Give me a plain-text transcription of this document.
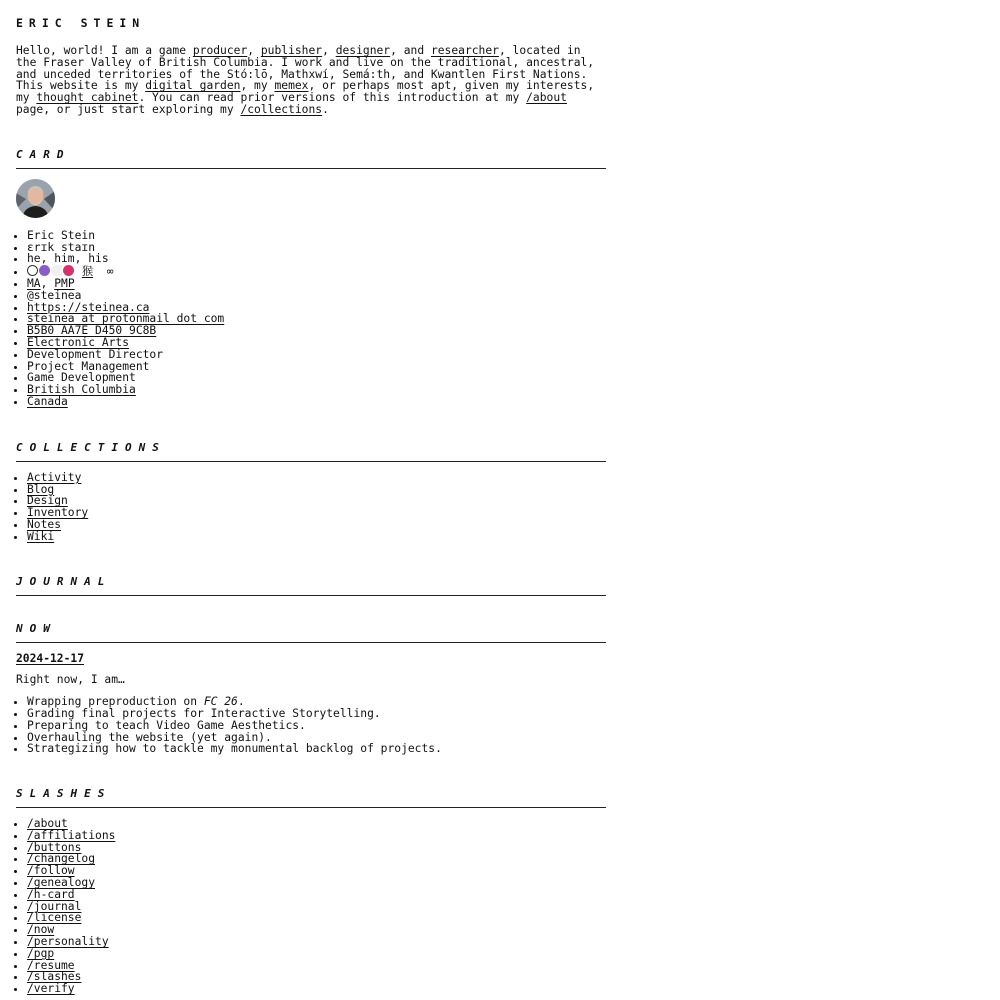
ERIC STEIN

Hello, world! I am a game producer, publisher, designer, and researcher, located in the Fraser Valley of British Columbia. I work and live on the traditional, ancestral, and unceded territories of the Stó:lō, Mathxwí, Semá:th, and Kwantlen First Nations. This website is my digital garden, my memex, or perhaps most apt, given my interests, my thought cabinet. You can read prior versions of this introduction at my /about page, or just start exploring my /collections.

CARD
• Eric Stein
• ɛrɪk staɪn
• he, him, his
• 猴 ∞
• MA, PMP
• @steinea
• https://steinea.ca
• steinea at protonmail dot com
• B5B0 AA7E D450 9C8B
• Electronic Arts
• Development Director
• Project Management
• Game Development
• British Columbia
• Canada
COLLECTIONS
• Activity
• Blog
• Design
• Inventory
• Notes
• Wiki
JOURNAL
NOW
2024-12-17

Right now, I am…

• Wrapping preproduction on FC 26.
• Grading final projects for Interactive Storytelling.
• Preparing to teach Video Game Aesthetics.
• Overhauling the website (yet again).
• Strategizing how to tackle my monumental backlog of projects.
SLASHES
• /about
• /affiliations
• /buttons
• /changelog
• /follow
• /genealogy
• /h-card
• /journal
• /license
• /now
• /personality
• /pgp
• /resume
• /slashes
• /verify
